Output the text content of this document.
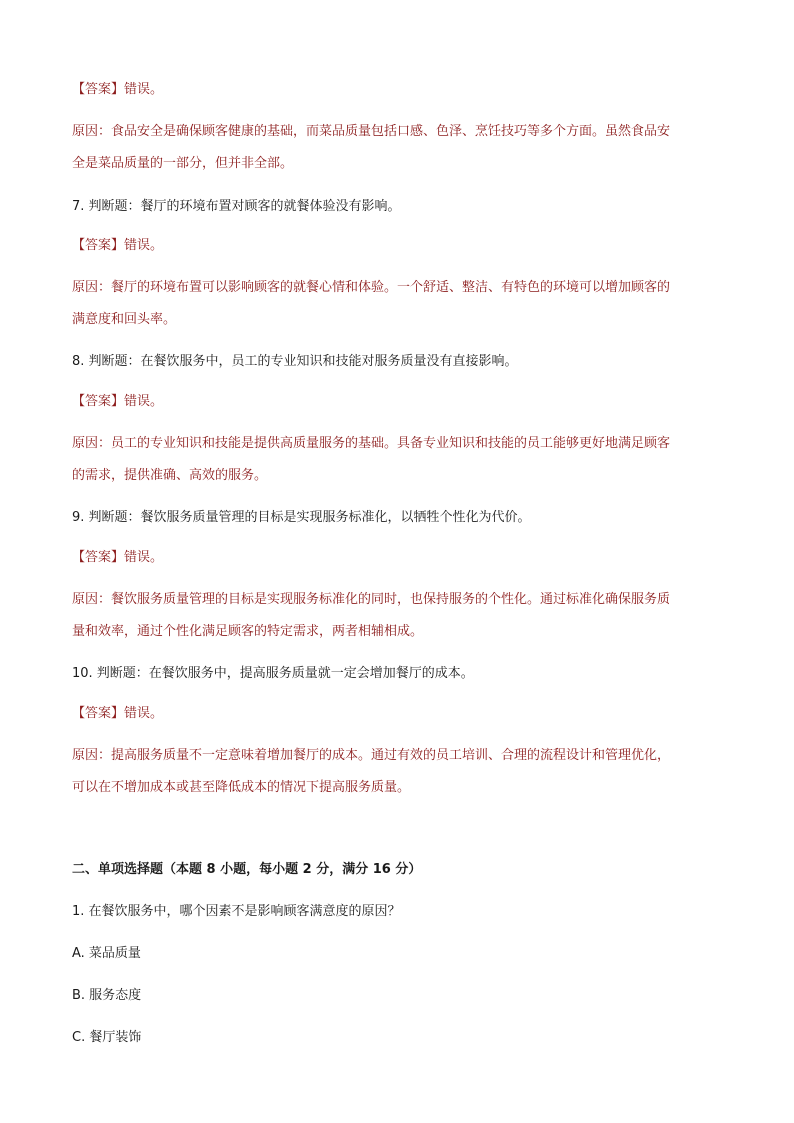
【答案】错误。
原因：食品安全是确保顾客健康的基础，而菜品质量包括口感、色泽、烹饪技巧等多个方面。虽然食品安
全是菜品质量的一部分，但并非全部。
7. 判断题：餐厅的环境布置对顾客的就餐体验没有影响。
【答案】错误。
原因：餐厅的环境布置可以影响顾客的就餐心情和体验。一个舒适、整洁、有特色的环境可以增加顾客的
满意度和回头率。
8. 判断题：在餐饮服务中，员工的专业知识和技能对服务质量没有直接影响。
【答案】错误。
原因：员工的专业知识和技能是提供高质量服务的基础。具备专业知识和技能的员工能够更好地满足顾客
的需求，提供准确、高效的服务。
9. 判断题：餐饮服务质量管理的目标是实现服务标准化，以牺牲个性化为代价。
【答案】错误。
原因：餐饮服务质量管理的目标是实现服务标准化的同时，也保持服务的个性化。通过标准化确保服务质
量和效率，通过个性化满足顾客的特定需求，两者相辅相成。
10. 判断题：在餐饮服务中，提高服务质量就一定会增加餐厅的成本。
【答案】错误。
原因：提高服务质量不一定意味着增加餐厅的成本。通过有效的员工培训、合理的流程设计和管理优化，
可以在不增加成本或甚至降低成本的情况下提高服务质量。
二、单项选择题（本题 8 小题，每小题 2 分，满分 16 分）
1. 在餐饮服务中，哪个因素不是影响顾客满意度的原因？
A. 菜品质量
B. 服务态度
C. 餐厅装饰
